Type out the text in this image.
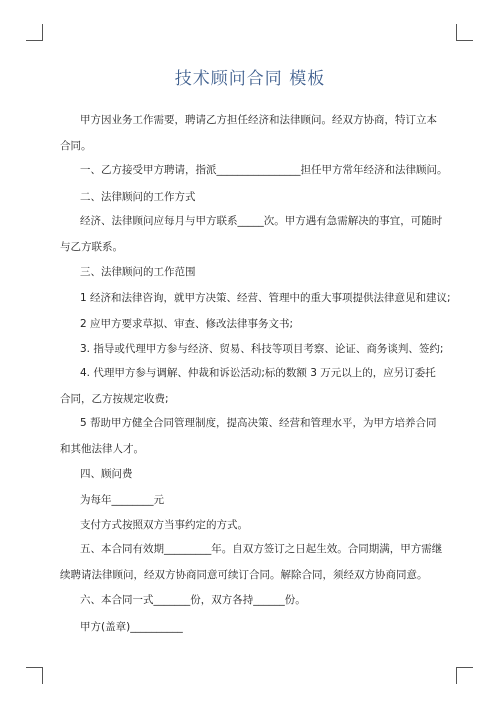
技术顾问合同 模板

甲方因业务工作需要，聘请乙方担任经济和法律顾问。经双方协商，特订立本合同。

一、乙方接受甲方聘请，指派________________担任甲方常年经济和法律顾问。
二、法律顾问的工作方式

经济、法律顾问应每月与甲方联系_____次。甲方遇有急需解决的事宜，可随时与乙方联系。

三、法律顾问的工作范围
1 经济和法律咨询，就甲方决策、经营、管理中的重大事项提供法律意见和建议;
2 应甲方要求草拟、审查、修改法律事务文书;
3. 指导或代理甲方参与经济、贸易、科技等项目考察、论证、商务谈判、签约;

4. 代理甲方参与调解、仲裁和诉讼活动;标的数额 3 万元以上的，应另订委托合同，乙方按规定收费;

5 帮助甲方健全合同管理制度，提高决策、经营和管理水平，为甲方培养合同和其他法律人才。

四、顾问费
为每年________元
支付方式按照双方当事约定的方式。

五、本合同有效期_________年。自双方签订之日起生效。合同期满，甲方需继续聘请法律顾问，经双方协商同意可续订合同。解除合同，须经双方协商同意。

六、本合同一式_______份，双方各持______份。
甲方(盖章)__________
